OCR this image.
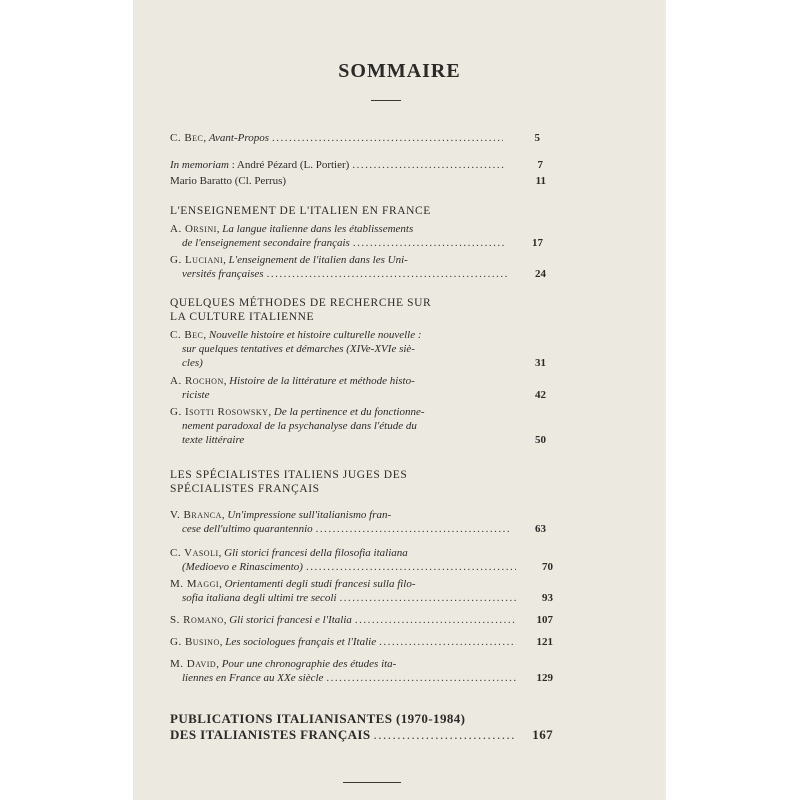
SOMMAIRE
C. Bec, Avant-Propos .....	5
In memoriam : André Pézard (L. Portier) .....	7
Mario Baratto (Cl. Perrus)	11
L'ENSEIGNEMENT DE L'ITALIEN EN FRANCE
A. Orsini, La langue italienne dans les établissements
de l'enseignement secondaire français .....	17
G. Luciani, L'enseignement de l'italien dans les Uni-
versités françaises .....	24
QUELQUES MÉTHODES DE RECHERCHE SUR
LA CULTURE ITALIENNE
C. Bec, Nouvelle histoire et histoire culturelle nouvelle :
sur quelques tentatives et démarches (XIVe-XVIe siè-
cles)	31
A. Rochon, Histoire de la littérature et méthode histo-
riciste	42
G. Isotti Rosowsky, De la pertinence et du fonctionne-
nement paradoxal de la psychanalyse dans l'étude du
texte littéraire	50
LES SPÉCIALISTES ITALIENS JUGES DES
SPÉCIALISTES FRANÇAIS
V. Branca, Un'impressione sull'italianismo fran-
cese dell'ultimo quarantennio .....	63
C. Vasoli, Gli storici francesi della filosofia italiana
(Medioevo e Rinascimento) .....	70
M. Maggi, Orientamenti degli studi francesi sulla filo-
sofia italiana degli ultimi tre secoli .....	93
S. Romano, Gli storici francesi e l'Italia .....	107
G. Busino, Les sociologues français et l'Italie .....	121
M. David, Pour une chronographie des études ita-
liennes en France au XXe siècle .....	129
PUBLICATIONS ITALIANISANTES (1970-1984)
DES ITALIANISTES FRANÇAIS .....	167
